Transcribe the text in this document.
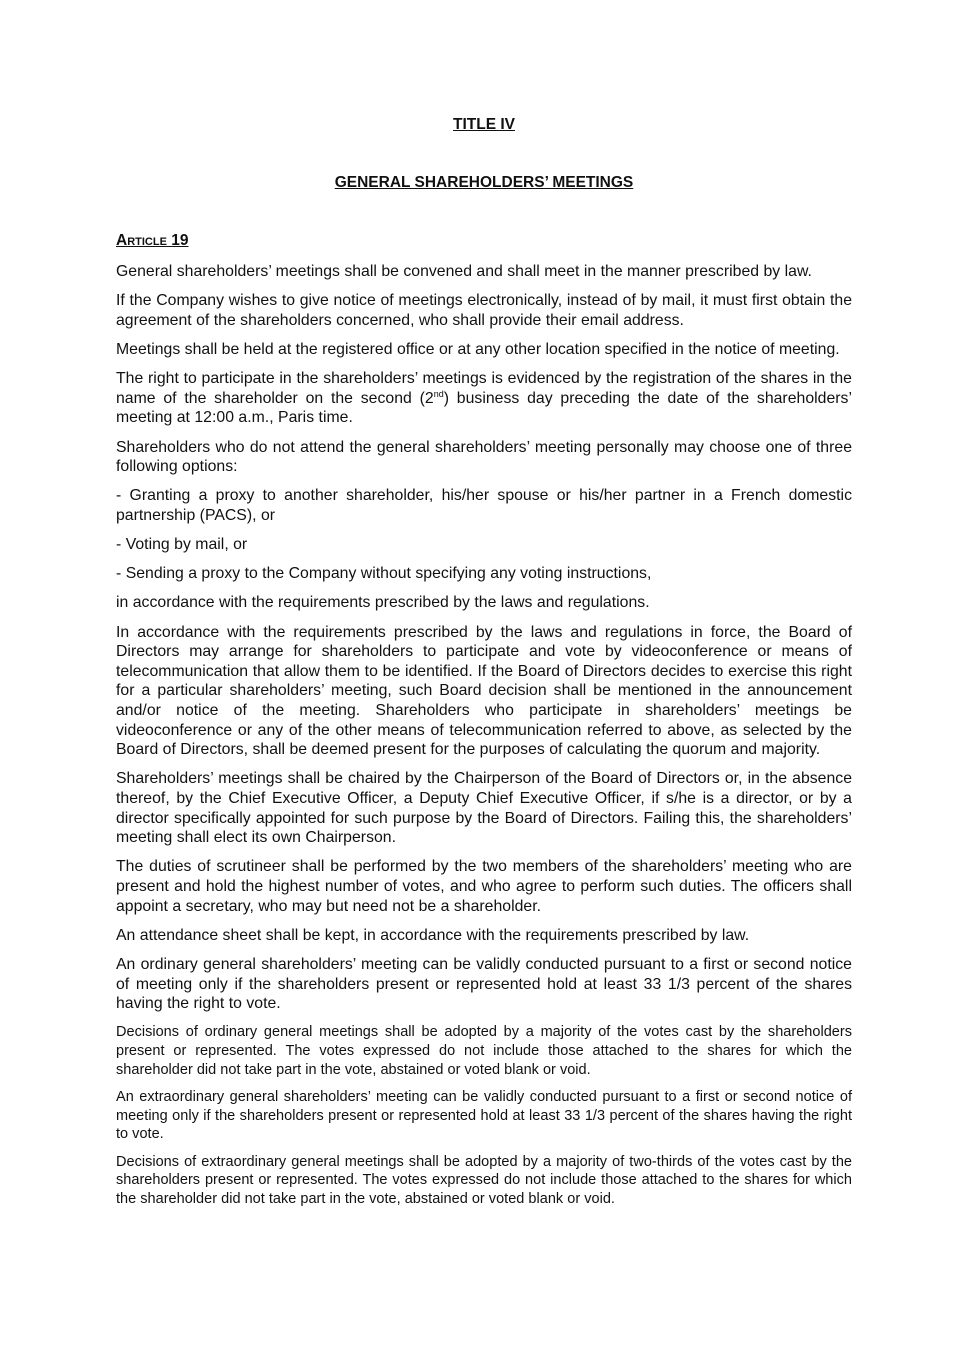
TITLE IV
GENERAL SHAREHOLDERS’ MEETINGS
Article 19

General shareholders’ meetings shall be convened and shall meet in the manner prescribed by law.

If the Company wishes to give notice of meetings electronically, instead of by mail, it must first obtain the agreement of the shareholders concerned, who shall provide their email address.

Meetings shall be held at the registered office or at any other location specified in the notice of meeting.

The right to participate in the shareholders’ meetings is evidenced by the registration of the shares in the name of the shareholder on the second (2nd) business day preceding the date of the shareholders’ meeting at 12:00 a.m., Paris time.

Shareholders who do not attend the general shareholders’ meeting personally may choose one of three following options:

- Granting a proxy to another shareholder, his/her spouse or his/her partner in a French domestic partnership (PACS), or

- Voting by mail, or

- Sending a proxy to the Company without specifying any voting instructions,

in accordance with the requirements prescribed by the laws and regulations.

In accordance with the requirements prescribed by the laws and regulations in force, the Board of Directors may arrange for shareholders to participate and vote by videoconference or means of telecommunication that allow them to be identified. If the Board of Directors decides to exercise this right for a particular shareholders’ meeting, such Board decision shall be mentioned in the announcement and/or notice of the meeting. Shareholders who participate in shareholders’ meetings be videoconference or any of the other means of telecommunication referred to above, as selected by the Board of Directors, shall be deemed present for the purposes of calculating the quorum and majority.

Shareholders’ meetings shall be chaired by the Chairperson of the Board of Directors or, in the absence thereof, by the Chief Executive Officer, a Deputy Chief Executive Officer, if s/he is a director, or by a director specifically appointed for such purpose by the Board of Directors. Failing this, the shareholders’ meeting shall elect its own Chairperson.

The duties of scrutineer shall be performed by the two members of the shareholders’ meeting who are present and hold the highest number of votes, and who agree to perform such duties. The officers shall appoint a secretary, who may but need not be a shareholder.

An attendance sheet shall be kept, in accordance with the requirements prescribed by law.

An ordinary general shareholders’ meeting can be validly conducted pursuant to a first or second notice of meeting only if the shareholders present or represented hold at least 33 1/3 percent of the shares having the right to vote.

Decisions of ordinary general meetings shall be adopted by a majority of the votes cast by the shareholders present or represented. The votes expressed do not include those attached to the shares for which the shareholder did not take part in the vote, abstained or voted blank or void.

An extraordinary general shareholders’ meeting can be validly conducted pursuant to a first or second notice of meeting only if the shareholders present or represented hold at least 33 1/3 percent of the shares having the right to vote.

Decisions of extraordinary general meetings shall be adopted by a majority of two-thirds of the votes cast by the shareholders present or represented. The votes expressed do not include those attached to the shares for which the shareholder did not take part in the vote, abstained or voted blank or void.
